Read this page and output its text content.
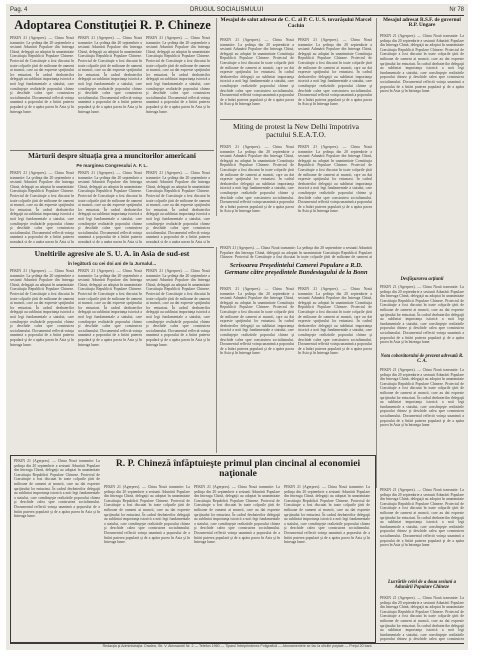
Pag. 4	DRUGUL SOCIALISMULUI	Nr 78
Adoptarea Constituţiei R. P. Chineze
PEKIN 21 (Agerpres). — China Nouă transmite: La şedinţa din 20 septembrie a sesiunii Adunării Populare din întreaga Chină, delegaţii au adoptat în unanimitate Constituţia Republicii Populare Chineze. Proiectul de Constituţie a fost discutat în toate colţurile ţării de milioane de oameni ai muncii, care au dat expresie sprijinului lor entuziast. În cadrul dezbaterilor delegaţii au subliniat importanţa istorică a noii legi fundamentale a statului, care consfinţeşte realizările poporului chinez şi deschide calea spre construirea socialismului. Documentul reflectă voinţa unanimă a poporului de a întări puterea populară şi de a apăra pacea în Asia şi în întreaga lume.
PEKIN 21 (Agerpres). — China Nouă transmite: La şedinţa din 20 septembrie a sesiunii Adunării Populare din întreaga Chină, delegaţii au adoptat în unanimitate Constituţia Republicii Populare Chineze. Proiectul de Constituţie a fost discutat în toate colţurile ţării de milioane de oameni ai muncii, care au dat expresie sprijinului lor entuziast. În cadrul dezbaterilor delegaţii au subliniat importanţa istorică a noii legi fundamentale a statului, care consfinţeşte realizările poporului chinez şi deschide calea spre construirea socialismului. Documentul reflectă voinţa unanimă a poporului de a întări puterea populară şi de a apăra pacea în Asia şi în întreaga lume.
PEKIN 21 (Agerpres). — China Nouă transmite: La şedinţa din 20 septembrie a sesiunii Adunării Populare din întreaga Chină, delegaţii au adoptat în unanimitate Constituţia Republicii Populare Chineze. Proiectul de Constituţie a fost discutat în toate colţurile ţării de milioane de oameni ai muncii, care au dat expresie sprijinului lor entuziast. În cadrul dezbaterilor delegaţii au subliniat importanţa istorică a noii legi fundamentale a statului, care consfinţeşte realizările poporului chinez şi deschide calea spre construirea socialismului. Documentul reflectă voinţa unanimă a poporului de a întări puterea populară şi de a apăra pacea în Asia şi în întreaga lume.
Mesajul de salut adresat de C. C. al P. C. U. S. tovarăşului Marcel Cachin
PEKIN 21 (Agerpres). — China Nouă transmite: La şedinţa din 20 septembrie a sesiunii Adunării Populare din întreaga Chină, delegaţii au adoptat în unanimitate Constituţia Republicii Populare Chineze. Proiectul de Constituţie a fost discutat în toate colţurile ţării de milioane de oameni ai muncii, care au dat expresie sprijinului lor entuziast. În cadrul dezbaterilor delegaţii au subliniat importanţa istorică a noii legi fundamentale a statului, care consfinţeşte realizările poporului chinez şi deschide calea spre construirea socialismului. Documentul reflectă voinţa unanimă a poporului de a întări puterea populară şi de a apăra pacea în Asia şi în întreaga lume.
PEKIN 21 (Agerpres). — China Nouă transmite: La şedinţa din 20 septembrie a sesiunii Adunării Populare din întreaga Chină, delegaţii au adoptat în unanimitate Constituţia Republicii Populare Chineze. Proiectul de Constituţie a fost discutat în toate colţurile ţării de milioane de oameni ai muncii, care au dat expresie sprijinului lor entuziast. În cadrul dezbaterilor delegaţii au subliniat importanţa istorică a noii legi fundamentale a statului, care consfinţeşte realizările poporului chinez şi deschide calea spre construirea socialismului. Documentul reflectă voinţa unanimă a poporului de a întări puterea populară şi de a apăra pacea în Asia şi în întreaga lume.
Miting de protest la New Delhi împotriva pactului S.E.A.T.O.
PEKIN 21 (Agerpres). — China Nouă transmite: La şedinţa din 20 septembrie a sesiunii Adunării Populare din întreaga Chină, delegaţii au adoptat în unanimitate Constituţia Republicii Populare Chineze. Proiectul de Constituţie a fost discutat în toate colţurile ţării de milioane de oameni ai muncii, care au dat expresie sprijinului lor entuziast. În cadrul dezbaterilor delegaţii au subliniat importanţa istorică a noii legi fundamentale a statului, care consfinţeşte realizările poporului chinez şi deschide calea spre construirea socialismului. Documentul reflectă voinţa unanimă a poporului de a întări puterea populară şi de a apăra pacea în Asia şi în întreaga lume.
PEKIN 21 (Agerpres). — China Nouă transmite: La şedinţa din 20 septembrie a sesiunii Adunării Populare din întreaga Chină, delegaţii au adoptat în unanimitate Constituţia Republicii Populare Chineze. Proiectul de Constituţie a fost discutat în toate colţurile ţării de milioane de oameni ai muncii, care au dat expresie sprijinului lor entuziast. În cadrul dezbaterilor delegaţii au subliniat importanţa istorică a noii legi fundamentale a statului, care consfinţeşte realizările poporului chinez şi deschide calea spre construirea socialismului. Documentul reflectă voinţa unanimă a poporului de a întări puterea populară şi de a apăra pacea în Asia şi în întreaga lume.
Mesajul adresat R.S.F. de guvernul R.P. Ungare
PEKIN 21 (Agerpres). — China Nouă transmite: La şedinţa din 20 septembrie a sesiunii Adunării Populare din întreaga Chină, delegaţii au adoptat în unanimitate Constituţia Republicii Populare Chineze. Proiectul de Constituţie a fost discutat în toate colţurile ţării de milioane de oameni ai muncii, care au dat expresie sprijinului lor entuziast. În cadrul dezbaterilor delegaţii au subliniat importanţa istorică a noii legi fundamentale a statului, care consfinţeşte realizările poporului chinez şi deschide calea spre construirea socialismului. Documentul reflectă voinţa unanimă a poporului de a întări puterea populară şi de a apăra pacea în Asia şi în întreaga lume.
Mărturii despre situaţia grea a muncitorilor americani
Pe marginea Congresului A. F. L.
PEKIN 21 (Agerpres). — China Nouă transmite: La şedinţa din 20 septembrie a sesiunii Adunării Populare din întreaga Chină, delegaţii au adoptat în unanimitate Constituţia Republicii Populare Chineze. Proiectul de Constituţie a fost discutat în toate colţurile ţării de milioane de oameni ai muncii, care au dat expresie sprijinului lor entuziast. În cadrul dezbaterilor delegaţii au subliniat importanţa istorică a noii legi fundamentale a statului, care consfinţeşte realizările poporului chinez şi deschide calea spre construirea socialismului. Documentul reflectă voinţa unanimă a poporului de a întări puterea populară şi de a apăra pacea în Asia şi în
PEKIN 21 (Agerpres). — China Nouă transmite: La şedinţa din 20 septembrie a sesiunii Adunării Populare din întreaga Chină, delegaţii au adoptat în unanimitate Constituţia Republicii Populare Chineze. Proiectul de Constituţie a fost discutat în toate colţurile ţării de milioane de oameni ai muncii, care au dat expresie sprijinului lor entuziast. În cadrul dezbaterilor delegaţii au subliniat importanţa istorică a noii legi fundamentale a statului, care consfinţeşte realizările poporului chinez şi deschide calea spre construirea socialismului. Documentul reflectă voinţa unanimă a poporului de a întări puterea populară şi de a apăra pacea în Asia şi în
PEKIN 21 (Agerpres). — China Nouă transmite: La şedinţa din 20 septembrie a sesiunii Adunării Populare din întreaga Chină, delegaţii au adoptat în unanimitate Constituţia Republicii Populare Chineze. Proiectul de Constituţie a fost discutat în toate colţurile ţării de milioane de oameni ai muncii, care au dat expresie sprijinului lor entuziast. În cadrul dezbaterilor delegaţii au subliniat importanţa istorică a noii legi fundamentale a statului, care consfinţeşte realizările poporului chinez şi deschide calea spre construirea socialismului. Documentul reflectă voinţa unanimă a poporului de a întări puterea populară şi de a apăra pacea în Asia şi în
Uneltirile agresive ale S. U. A. în Asia de sud-est
în legătură cu cei doi ani de la Jurnalul...
PEKIN 21 (Agerpres). — China Nouă transmite: La şedinţa din 20 septembrie a sesiunii Adunării Populare din întreaga Chină, delegaţii au adoptat în unanimitate Constituţia Republicii Populare Chineze. Proiectul de Constituţie a fost discutat în toate colţurile ţării de milioane de oameni ai muncii, care au dat expresie sprijinului lor entuziast. În cadrul dezbaterilor delegaţii au subliniat importanţa istorică a noii legi fundamentale a statului, care consfinţeşte realizările poporului chinez şi deschide calea spre construirea socialismului. Documentul reflectă voinţa unanimă a poporului de a întări puterea populară şi de a apăra pacea în Asia şi în întreaga lume.
PEKIN 21 (Agerpres). — China Nouă transmite: La şedinţa din 20 septembrie a sesiunii Adunării Populare din întreaga Chină, delegaţii au adoptat în unanimitate Constituţia Republicii Populare Chineze. Proiectul de Constituţie a fost discutat în toate colţurile ţării de milioane de oameni ai muncii, care au dat expresie sprijinului lor entuziast. În cadrul dezbaterilor delegaţii au subliniat importanţa istorică a noii legi fundamentale a statului, care consfinţeşte realizările poporului chinez şi deschide calea spre construirea socialismului. Documentul reflectă voinţa unanimă a poporului de a întări puterea populară şi de a apăra pacea în Asia şi în întreaga lume.
PEKIN 21 (Agerpres). — China Nouă transmite: La şedinţa din 20 septembrie a sesiunii Adunării Populare din întreaga Chină, delegaţii au adoptat în unanimitate Constituţia Republicii Populare Chineze. Proiectul de Constituţie a fost discutat în toate colţurile ţării de milioane de oameni ai muncii, care au dat expresie sprijinului lor entuziast. În cadrul dezbaterilor delegaţii au subliniat importanţa istorică a noii legi fundamentale a statului, care consfinţeşte realizările poporului chinez şi deschide calea spre construirea socialismului. Documentul reflectă voinţa unanimă a poporului de a întări puterea populară şi de a apăra pacea în Asia şi în întreaga lume.
PEKIN 21 (Agerpres). — China Nouă transmite: La şedinţa din 20 septembrie a sesiunii Adunării Populare din întreaga Chină, delegaţii au adoptat în unanimitate Constituţia Republicii Populare Chineze. Proiectul de Constituţie a fost discutat în toate colţurile ţării de milioane de oameni ai
Scrisoarea Preşedintelui Camerei Populare a R.D. Germane către preşedintele Bundestagului de la Bonn
PEKIN 21 (Agerpres). — China Nouă transmite: La şedinţa din 20 septembrie a sesiunii Adunării Populare din întreaga Chină, delegaţii au adoptat în unanimitate Constituţia Republicii Populare Chineze. Proiectul de Constituţie a fost discutat în toate colţurile ţării de milioane de oameni ai muncii, care au dat expresie sprijinului lor entuziast. În cadrul dezbaterilor delegaţii au subliniat importanţa istorică a noii legi fundamentale a statului, care consfinţeşte realizările poporului chinez şi deschide calea spre construirea socialismului. Documentul reflectă voinţa unanimă a poporului de a întări puterea populară şi de a apăra pacea în Asia şi în întreaga lume.
PEKIN 21 (Agerpres). — China Nouă transmite: La şedinţa din 20 septembrie a sesiunii Adunării Populare din întreaga Chină, delegaţii au adoptat în unanimitate Constituţia Republicii Populare Chineze. Proiectul de Constituţie a fost discutat în toate colţurile ţării de milioane de oameni ai muncii, care au dat expresie sprijinului lor entuziast. În cadrul dezbaterilor delegaţii au subliniat importanţa istorică a noii legi fundamentale a statului, care consfinţeşte realizările poporului chinez şi deschide calea spre construirea socialismului. Documentul reflectă voinţa unanimă a poporului de a întări puterea populară şi de a apăra pacea în Asia şi în întreaga lume.
Desfăşurarea acţiunii
PEKIN 21 (Agerpres). — China Nouă transmite: La şedinţa din 20 septembrie a sesiunii Adunării Populare din întreaga Chină, delegaţii au adoptat în unanimitate Constituţia Republicii Populare Chineze. Proiectul de Constituţie a fost discutat în toate colţurile ţării de milioane de oameni ai muncii, care au dat expresie sprijinului lor entuziast. În cadrul dezbaterilor delegaţii au subliniat importanţa istorică a noii legi fundamentale a statului, care consfinţeşte realizările poporului chinez şi deschide calea spre construirea socialismului. Documentul reflectă voinţa unanimă a poporului de a întări puterea populară şi de a apăra pacea în Asia şi în întreaga lume.
Nota coborâtorului de prezent adresată R. C. A.
PEKIN 21 (Agerpres). — China Nouă transmite: La şedinţa din 20 septembrie a sesiunii Adunării Populare din întreaga Chină, delegaţii au adoptat în unanimitate Constituţia Republicii Populare Chineze. Proiectul de Constituţie a fost discutat în toate colţurile ţării de milioane de oameni ai muncii, care au dat expresie sprijinului lor entuziast. În cadrul dezbaterilor delegaţii au subliniat importanţa istorică a noii legi fundamentale a statului, care consfinţeşte realizările poporului chinez şi deschide calea spre construirea socialismului. Documentul reflectă voinţa unanimă a poporului de a întări puterea populară şi de a apăra pacea în Asia şi în întreaga lume.
R. P. Chineză înfăptuieşte primul plan cincinal al economiei naţionale
PEKIN 21 (Agerpres). — China Nouă transmite: La şedinţa din 20 septembrie a sesiunii Adunării Populare din întreaga Chină, delegaţii au adoptat în unanimitate Constituţia Republicii Populare Chineze. Proiectul de Constituţie a fost discutat în toate colţurile ţării de milioane de oameni ai muncii, care au dat expresie sprijinului lor entuziast. În cadrul dezbaterilor delegaţii au subliniat importanţa istorică a noii legi fundamentale a statului, care consfinţeşte realizările poporului chinez şi deschide calea spre construirea socialismului. Documentul reflectă voinţa unanimă a poporului de a întări puterea populară şi de a apăra pacea în Asia şi în întreaga lume.
PEKIN 21 (Agerpres). — China Nouă transmite: La şedinţa din 20 septembrie a sesiunii Adunării Populare din întreaga Chină, delegaţii au adoptat în unanimitate Constituţia Republicii Populare Chineze. Proiectul de Constituţie a fost discutat în toate colţurile ţării de milioane de oameni ai muncii, care au dat expresie sprijinului lor entuziast. În cadrul dezbaterilor delegaţii au subliniat importanţa istorică a noii legi fundamentale a statului, care consfinţeşte realizările poporului chinez şi deschide calea spre construirea socialismului. Documentul reflectă voinţa unanimă a poporului de a întări puterea populară şi de a apăra pacea în Asia şi în întreaga lume.
PEKIN 21 (Agerpres). — China Nouă transmite: La şedinţa din 20 septembrie a sesiunii Adunării Populare din întreaga Chină, delegaţii au adoptat în unanimitate Constituţia Republicii Populare Chineze. Proiectul de Constituţie a fost discutat în toate colţurile ţării de milioane de oameni ai muncii, care au dat expresie sprijinului lor entuziast. În cadrul dezbaterilor delegaţii au subliniat importanţa istorică a noii legi fundamentale a statului, care consfinţeşte realizările poporului chinez şi deschide calea spre construirea socialismului. Documentul reflectă voinţa unanimă a poporului de a întări puterea populară şi de a apăra pacea în Asia şi în întreaga lume.
PEKIN 21 (Agerpres). — China Nouă transmite: La şedinţa din 20 septembrie a sesiunii Adunării Populare din întreaga Chină, delegaţii au adoptat în unanimitate Constituţia Republicii Populare Chineze. Proiectul de Constituţie a fost discutat în toate colţurile ţării de milioane de oameni ai muncii, care au dat expresie sprijinului lor entuziast. În cadrul dezbaterilor delegaţii au subliniat importanţa istorică a noii legi fundamentale a statului, care consfinţeşte realizările poporului chinez şi deschide calea spre construirea socialismului. Documentul reflectă voinţa unanimă a poporului de a întări puterea populară şi de a apăra pacea în Asia şi în întreaga lume.
PEKIN 21 (Agerpres). — China Nouă transmite: La şedinţa din 20 septembrie a sesiunii Adunării Populare din întreaga Chină, delegaţii au adoptat în unanimitate Constituţia Republicii Populare Chineze. Proiectul de Constituţie a fost discutat în toate colţurile ţării de milioane de oameni ai muncii, care au dat expresie sprijinului lor entuziast. În cadrul dezbaterilor delegaţii au subliniat importanţa istorică a noii legi fundamentale a statului, care consfinţeşte realizările poporului chinez şi deschide calea spre construirea socialismului. Documentul reflectă voinţa unanimă a poporului de a întări puterea populară şi de a apăra pacea în Asia şi în întreaga lume.
Lucrările celei de a doua sesiuni a Adunării Populare Chineze
PEKIN 21 (Agerpres). — China Nouă transmite: La şedinţa din 20 septembrie a sesiunii Adunării Populare din întreaga Chină, delegaţii au adoptat în unanimitate Constituţia Republicii Populare Chineze. Proiectul de Constituţie a fost discutat în toate colţurile ţării de milioane de oameni ai muncii, care au dat expresie sprijinului lor entuziast. În cadrul dezbaterilor delegaţii au subliniat importanţa istorică a noii legi fundamentale a statului, care consfinţeşte realizările poporului chinez şi deschide calea spre construirea
Redacţia şi Administraţia: Oradea, Str. V. Alecsandri Nr. 2 — Telefon 1960 — Tiparul Întreprinderea Poligrafică — Abonamentele se fac la oficiile poştale — Preţul 20 bani
